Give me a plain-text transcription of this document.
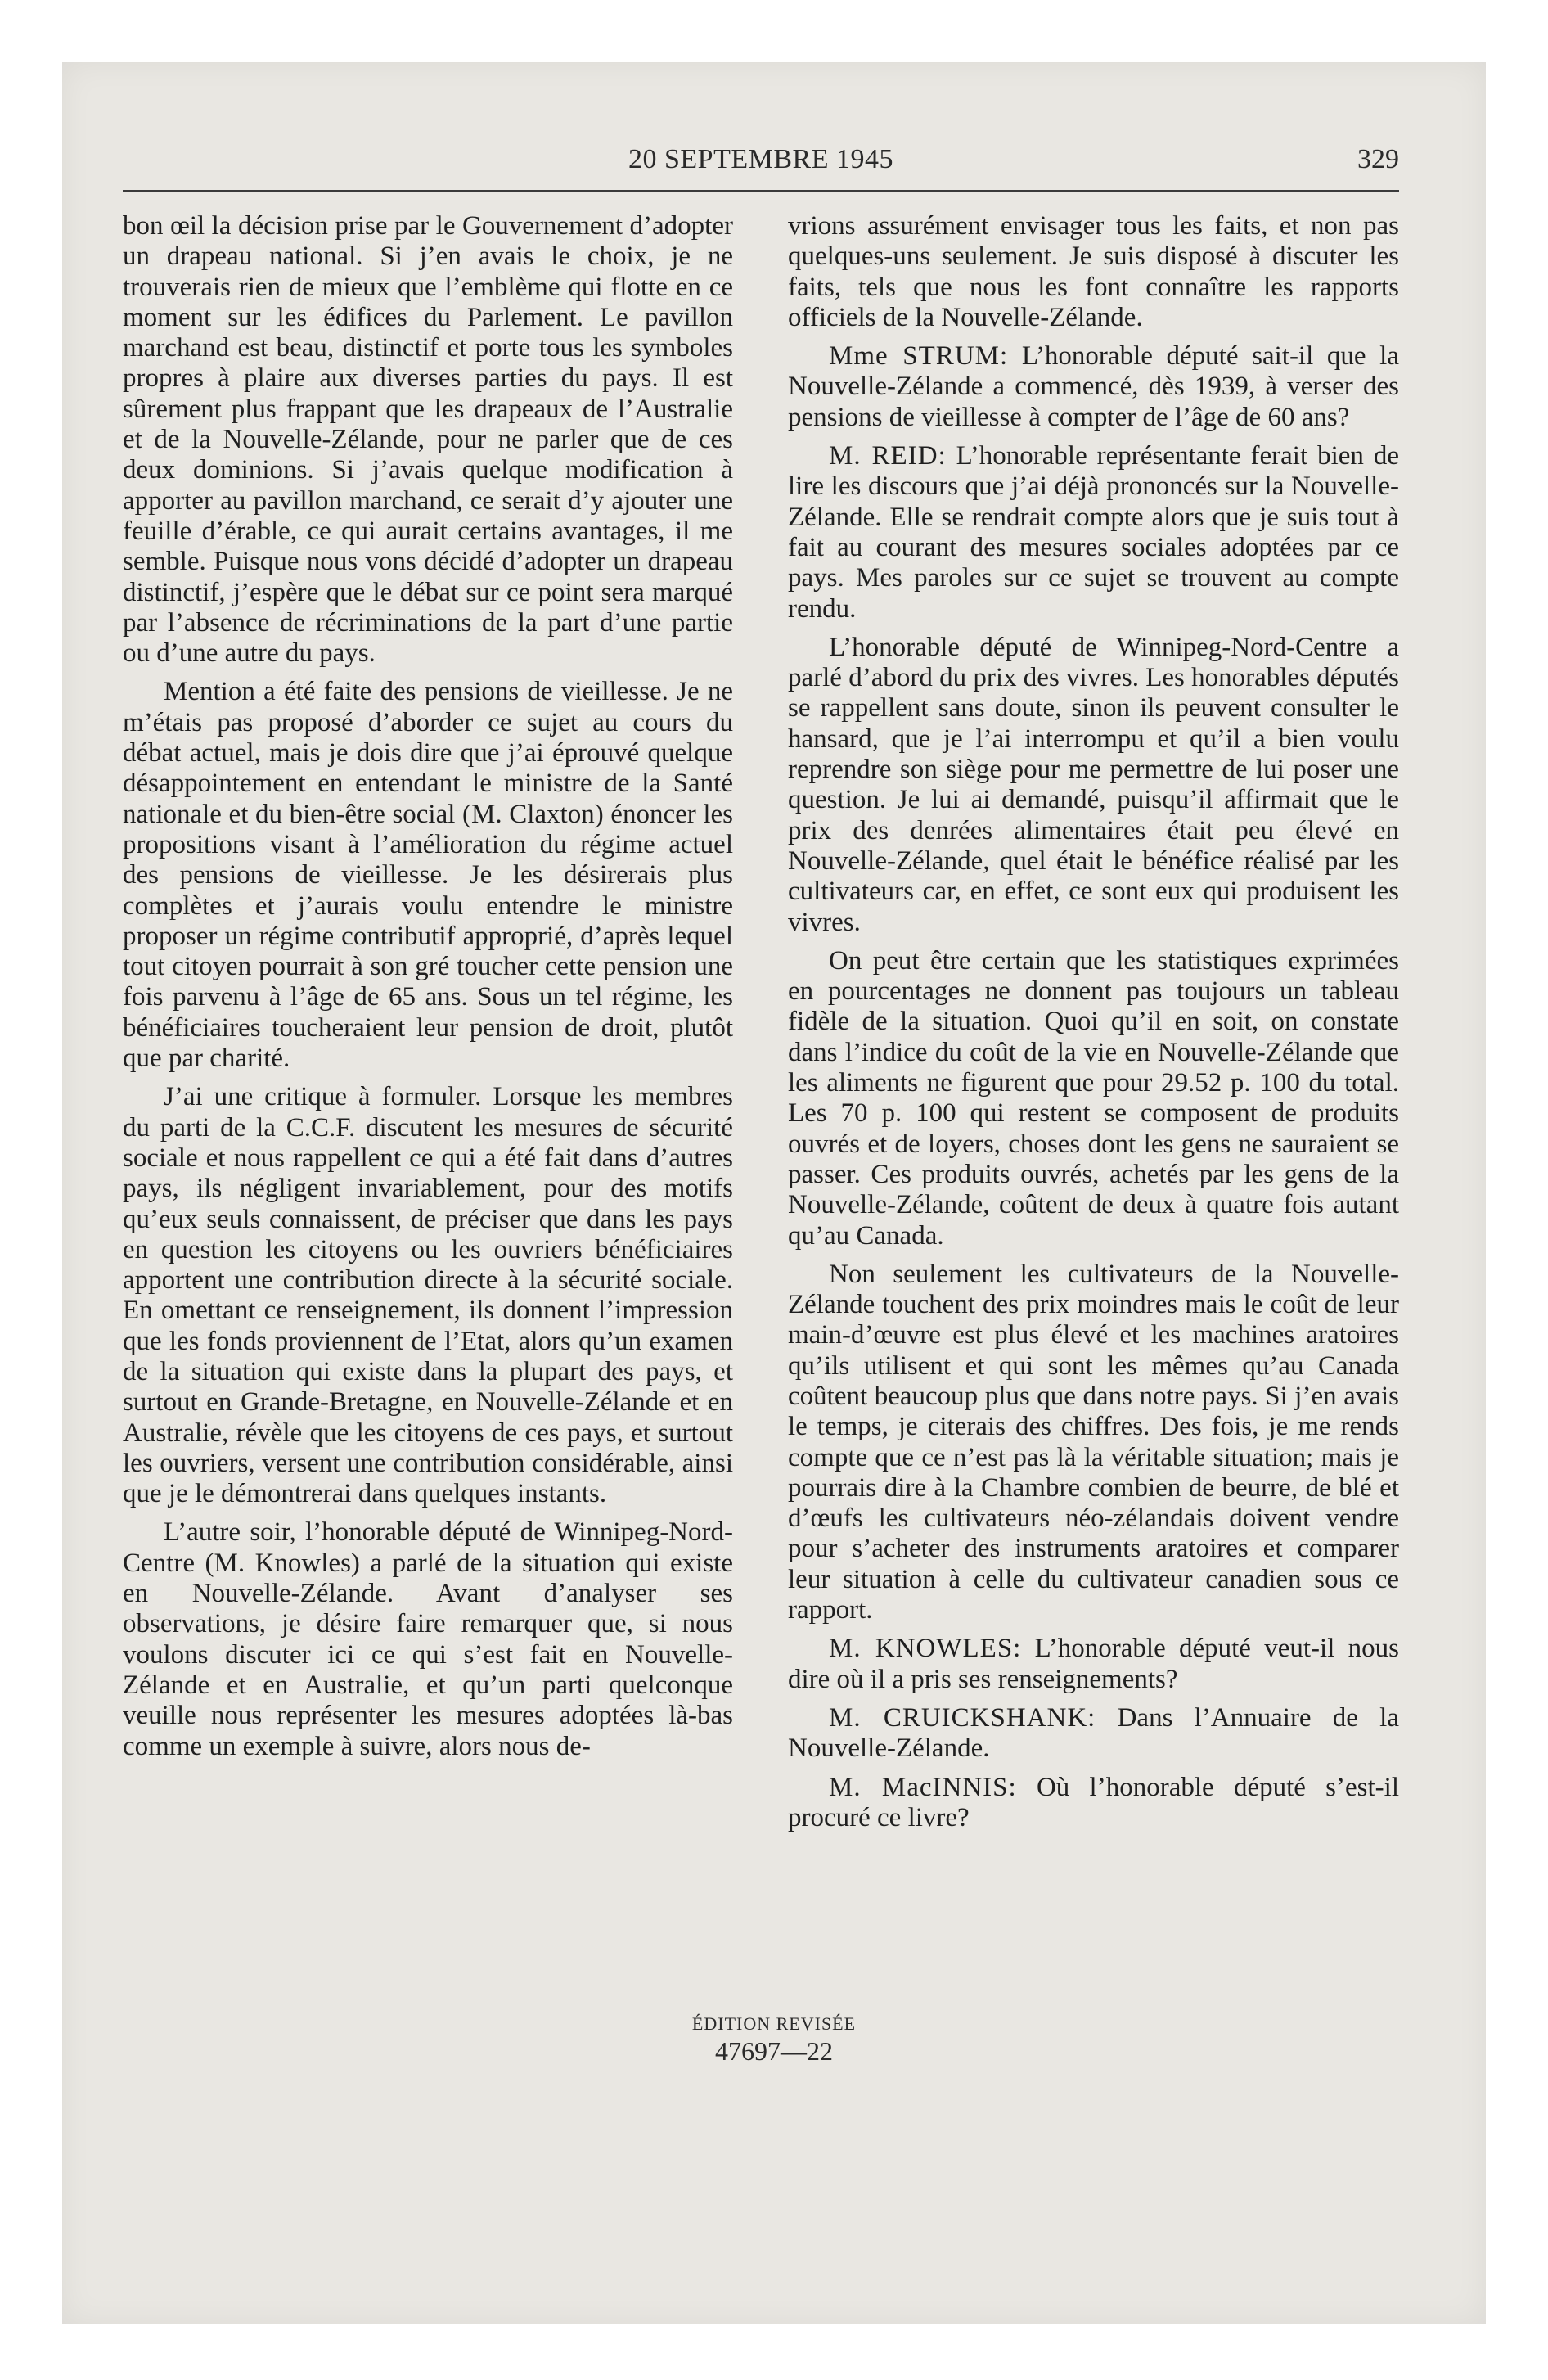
20 SEPTEMBRE 1945	329

bon œil la décision prise par le Gouvernement d’adopter un drapeau national. Si j’en avais le choix, je ne trouverais rien de mieux que l’emblème qui flotte en ce moment sur les édifices du Parlement. Le pavillon marchand est beau, distinctif et porte tous les symboles propres à plaire aux diverses parties du pays. Il est sûrement plus frappant que les drapeaux de l’Australie et de la Nouvelle-Zélande, pour ne parler que de ces deux dominions. Si j’avais quelque modification à apporter au pavillon marchand, ce serait d’y ajouter une feuille d’érable, ce qui aurait certains avantages, il me semble. Puisque nous vons décidé d’adopter un drapeau distinctif, j’espère que le débat sur ce point sera marqué par l’absence de récriminations de la part d’une partie ou d’une autre du pays.

Mention a été faite des pensions de vieillesse. Je ne m’étais pas proposé d’aborder ce sujet au cours du débat actuel, mais je dois dire que j’ai éprouvé quelque désappointement en entendant le ministre de la Santé nationale et du bien-être social (M. Claxton) énoncer les propositions visant à l’amélioration du régime actuel des pensions de vieillesse. Je les désirerais plus complètes et j’aurais voulu entendre le ministre proposer un régime contributif approprié, d’après lequel tout citoyen pourrait à son gré toucher cette pension une fois parvenu à l’âge de 65 ans. Sous un tel régime, les bénéficiaires toucheraient leur pension de droit, plutôt que par charité.

J’ai une critique à formuler. Lorsque les membres du parti de la C.C.F. discutent les mesures de sécurité sociale et nous rappellent ce qui a été fait dans d’autres pays, ils négligent invariablement, pour des motifs qu’eux seuls connaissent, de préciser que dans les pays en question les citoyens ou les ouvriers bénéficiaires apportent une contribution directe à la sécurité sociale. En omettant ce renseignement, ils donnent l’impression que les fonds proviennent de l’Etat, alors qu’un examen de la situation qui existe dans la plupart des pays, et surtout en Grande-Bretagne, en Nouvelle-Zélande et en Australie, révèle que les citoyens de ces pays, et surtout les ouvriers, versent une contribution considérable, ainsi que je le démontrerai dans quelques instants.

L’autre soir, l’honorable député de Winnipeg-Nord-Centre (M. Knowles) a parlé de la situation qui existe en Nouvelle-Zélande. Avant d’analyser ses observations, je désire faire remarquer que, si nous voulons discuter ici ce qui s’est fait en Nouvelle-Zélande et en Australie, et qu’un parti quelconque veuille nous représenter les mesures adoptées là-bas comme un exemple à suivre, alors nous de-

vrions assurément envisager tous les faits, et non pas quelques-uns seulement. Je suis disposé à discuter les faits, tels que nous les font connaître les rapports officiels de la Nouvelle-Zélande.

Mme STRUM: L’honorable député sait-il que la Nouvelle-Zélande a commencé, dès 1939, à verser des pensions de vieillesse à compter de l’âge de 60 ans?

M. REID: L’honorable représentante ferait bien de lire les discours que j’ai déjà prononcés sur la Nouvelle-Zélande. Elle se rendrait compte alors que je suis tout à fait au courant des mesures sociales adoptées par ce pays. Mes paroles sur ce sujet se trouvent au compte rendu.

L’honorable député de Winnipeg-Nord-Centre a parlé d’abord du prix des vivres. Les honorables députés se rappellent sans doute, sinon ils peuvent consulter le hansard, que je l’ai interrompu et qu’il a bien voulu reprendre son siège pour me permettre de lui poser une question. Je lui ai demandé, puisqu’il affirmait que le prix des denrées alimentaires était peu élevé en Nouvelle-Zélande, quel était le bénéfice réalisé par les cultivateurs car, en effet, ce sont eux qui produisent les vivres.

On peut être certain que les statistiques exprimées en pourcentages ne donnent pas toujours un tableau fidèle de la situation. Quoi qu’il en soit, on constate dans l’indice du coût de la vie en Nouvelle-Zélande que les aliments ne figurent que pour 29.52 p. 100 du total. Les 70 p. 100 qui restent se composent de produits ouvrés et de loyers, choses dont les gens ne sauraient se passer. Ces produits ouvrés, achetés par les gens de la Nouvelle-Zélande, coûtent de deux à quatre fois autant qu’au Canada.

Non seulement les cultivateurs de la Nouvelle-Zélande touchent des prix moindres mais le coût de leur main-d’œuvre est plus élevé et les machines aratoires qu’ils utilisent et qui sont les mêmes qu’au Canada coûtent beaucoup plus que dans notre pays. Si j’en avais le temps, je citerais des chiffres. Des fois, je me rends compte que ce n’est pas là la véritable situation; mais je pourrais dire à la Chambre combien de beurre, de blé et d’œufs les cultivateurs néo-zélandais doivent vendre pour s’acheter des instruments aratoires et comparer leur situation à celle du cultivateur canadien sous ce rapport.

M. KNOWLES: L’honorable député veut-il nous dire où il a pris ses renseignements?

M. CRUICKSHANK: Dans l’Annuaire de la Nouvelle-Zélande.

M. MacINNIS: Où l’honorable député s’est-il procuré ce livre?

ÉDITION REVISÉE
47697—22
